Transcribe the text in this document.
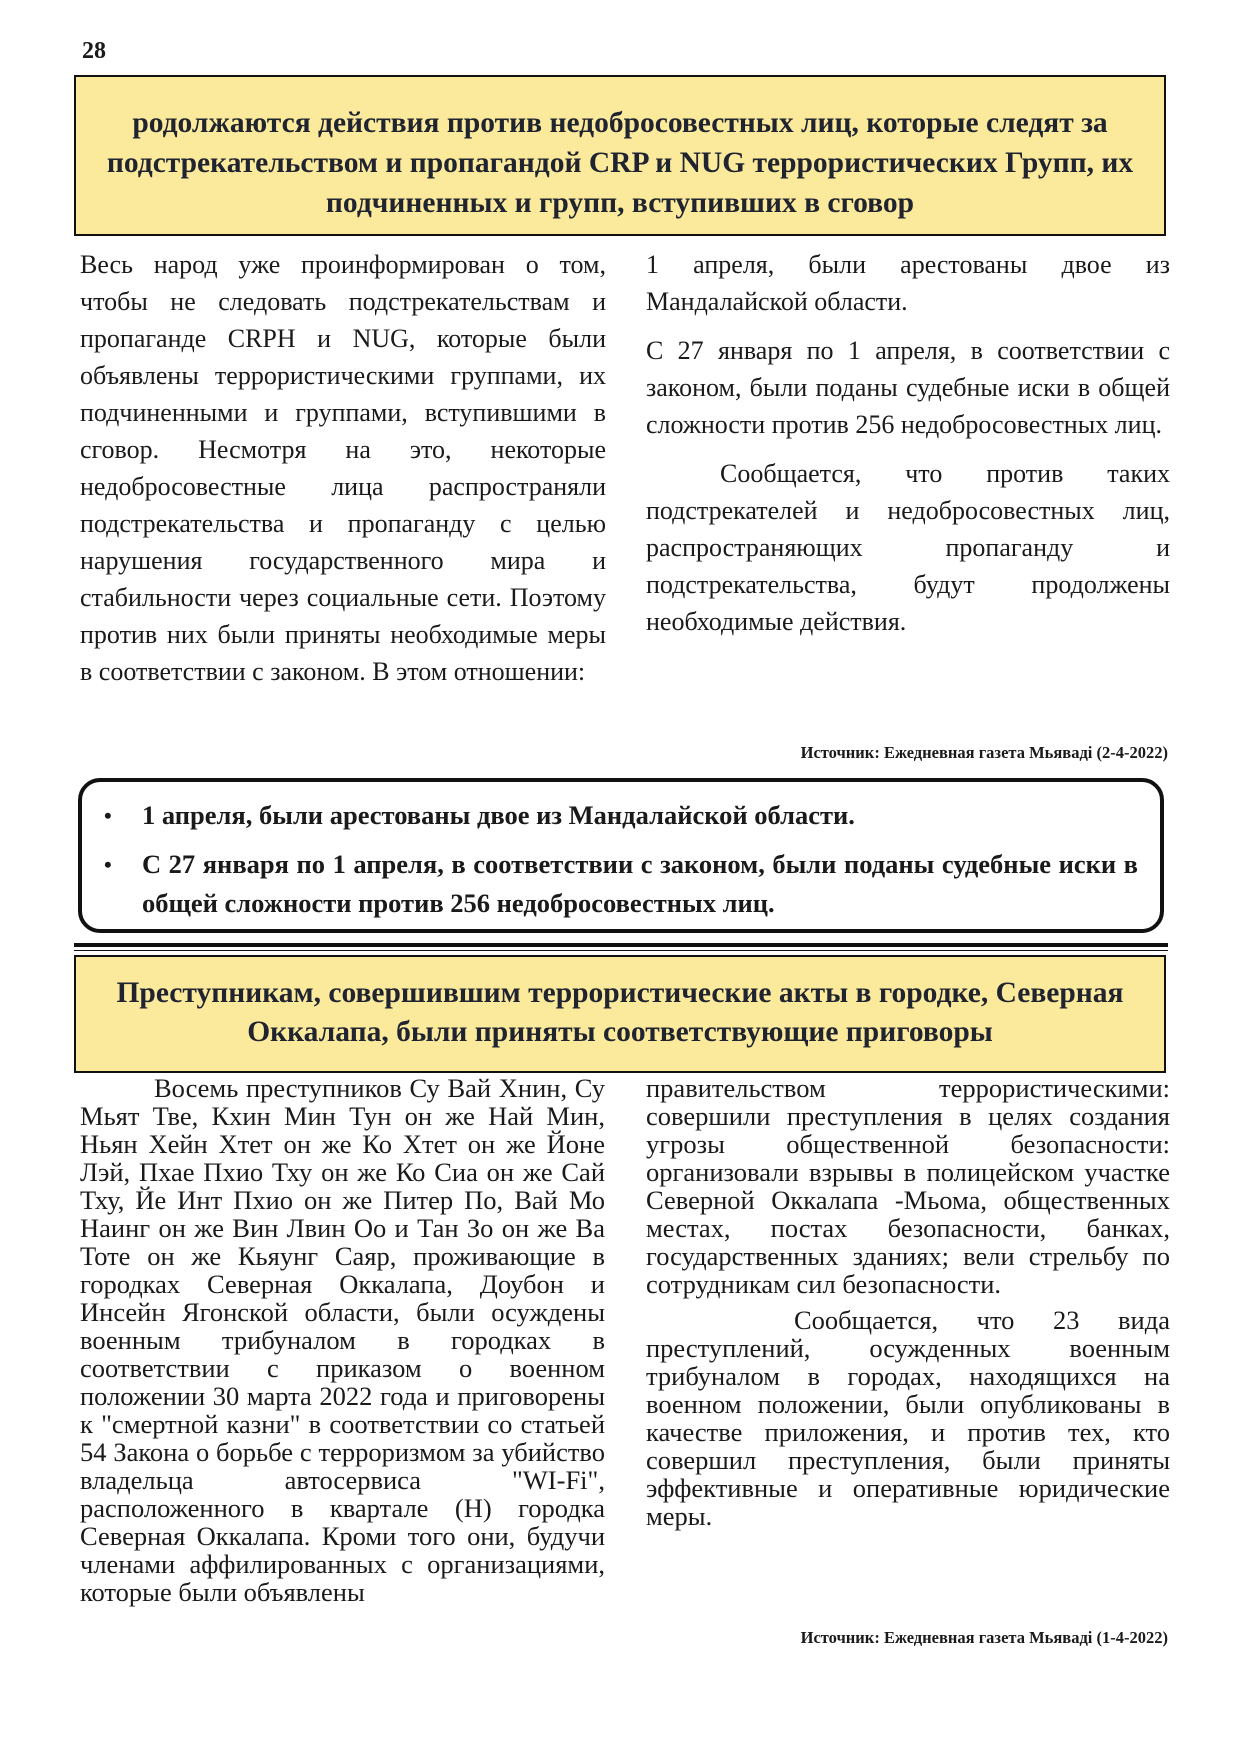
28
родолжаются действия против недобросовестных лиц, которые следят за подстрекательством и пропагандой CRP и NUG террористических Групп, их подчиненных и групп, вступивших в сговор

Весь народ уже проинформирован о том, чтобы не следовать подстрекательствам и пропаганде CRPH и NUG, которые были объявлены террористическими группами, их подчиненными и группами, вступившими в сговор. Несмотря на это, некоторые недобросовестные лица распространяли подстрекательства и пропаганду с целью нарушения государственного мира и стабильности через социальные сети. Поэтому против них были приняты необходимые меры в соответствии с законом. В этом отношении:

1 апреля, были арестованы двое из Мандалайской области.

С 27 января по 1 апреля, в соответствии с законом, были поданы судебные иски в общей сложности против 256 недобросовестных лиц.

Сообщается, что против таких подстрекателей и недобросовестных лиц, распространяющих пропаганду и подстрекательства, будут продолжены необходимые действия.

Источник: Ежедневная газета Мьяваді (2-4-2022)
• 1 апреля, были арестованы двое из Мандалайской области.
• С 27 января по 1 апреля, в соответствии с законом, были поданы судебные иски в общей сложности против 256 недобросовестных лиц.
Преступникам, совершившим террористические акты в городке, Северная Оккалапа, были приняты соответствующие приговоры

Восемь преступников Су Вай Хнин, Су Мьят Тве, Кхин Мин Тун он же Най Мин, Ньян Хейн Хтет он же Ко Хтет он же Йоне Лэй, Пхае Пхио Тху он же Ко Сиа он же Сай Тху, Йе Инт Пхио он же Питер По, Вай Мо Наинг он же Вин Лвин Оо и Тан Зо он же Ва Тоте он же Кьяунг Саяр, проживающие в городках Северная Оккалапа, Доубон и Инсейн Ягонской области, были осуждены военным трибуналом в городках в соответствии с приказом о военном положении 30 марта 2022 года и приговорены к "смертной казни" в соответствии со статьей 54 Закона о борьбе с терроризмом за убийство владельца автосервиса "WI-Fi", расположенного в квартале (Н) городка Северная Оккалапа. Кроми того они, будучи членами аффилированных с организациями, которые были объявлены

правительством террористическими: совершили преступления в целях создания угрозы общественной безопасности: организовали взрывы в полицейском участке Северной Оккалапа -Мьома, общественных местах, постах безопасности, банках, государственных зданиях; вели стрельбу по сотрудникам сил безопасности.

Сообщается, что 23 вида преступлений, осужденных военным трибуналом в городах, находящихся на военном положении, были опубликованы в качестве приложения, и против тех, кто совершил преступления, были приняты эффективные и оперативные юридические меры.

Источник: Ежедневная газета Мьяваді (1-4-2022)
